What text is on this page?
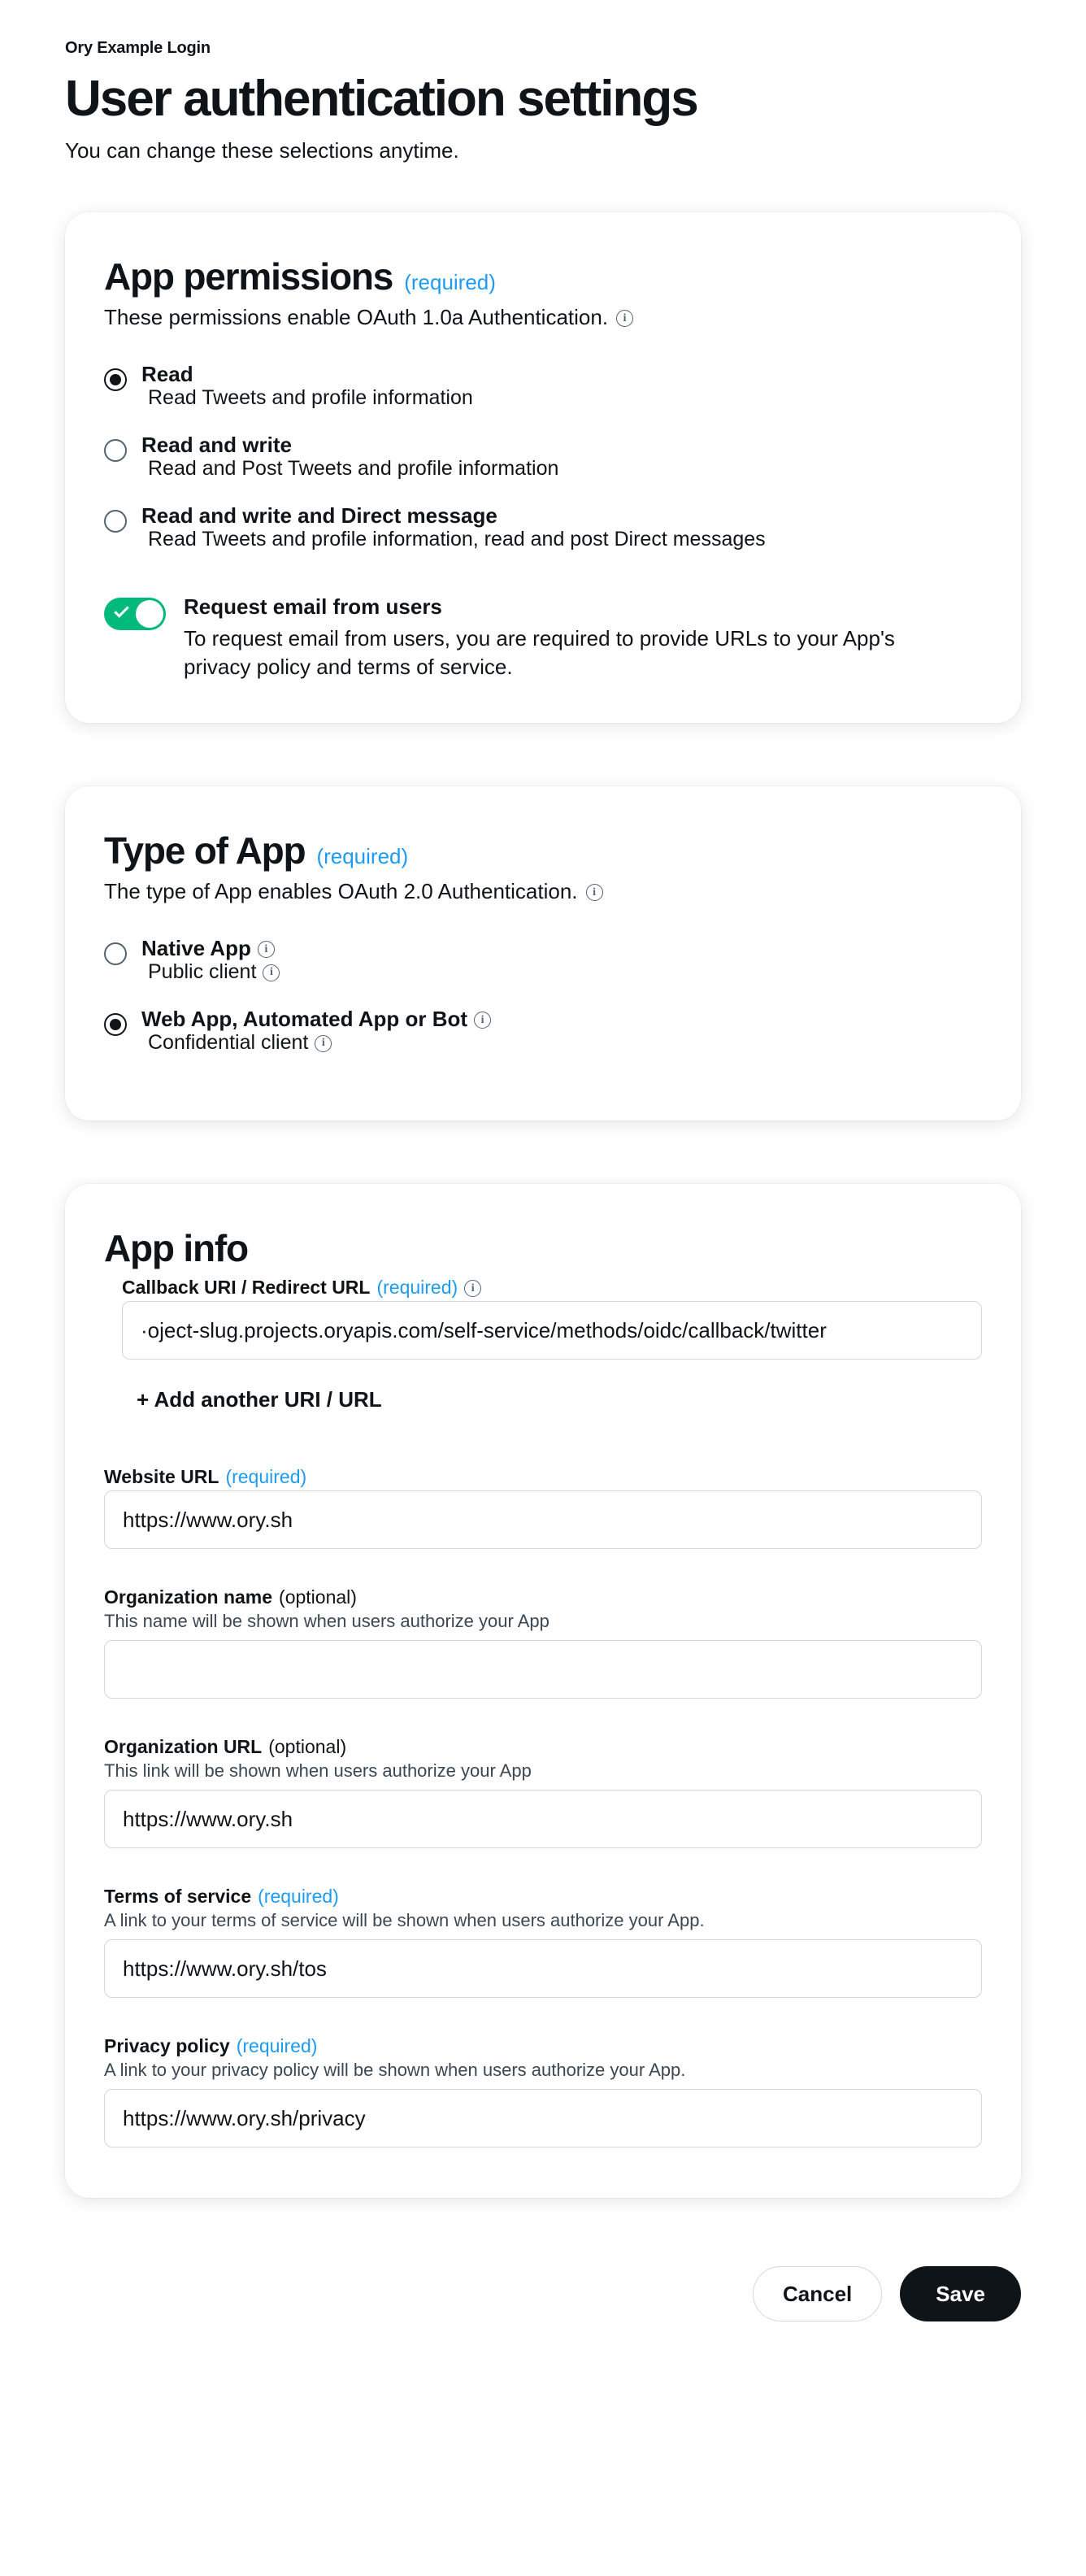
Ory Example Login
User authentication settings

You can change these selections anytime.

App permissions (required)
These permissions enable OAuth 1.0a Authentication.
i
Read
Read Tweets and profile information
Read and write
Read and Post Tweets and profile information
Read and write and Direct message
Read Tweets and profile information, read and post Direct messages
Request email from users
To request email from users, you are required to provide URLs to your App's privacy policy and terms of service.
Type of App (required)
The type of App enables OAuth 2.0 Authentication.
i
Native App
i
Public client
i
Web App, Automated App or Bot
i
Confidential client
i
App info
Callback URI / Redirect URL (required)
i
·oject-slug.projects.oryapis.com/self-service/methods/oidc/callback/twitter + Add another URI / URL
Website URL (required)
https://www.ory.sh
Organization name (optional)
This name will be shown when users authorize your App
Organization URL (optional)
This link will be shown when users authorize your App
https://www.ory.sh
Terms of service (required)
A link to your terms of service will be shown when users authorize your App.
https://www.ory.sh/tos
Privacy policy (required)
A link to your privacy policy will be shown when users authorize your App.
https://www.ory.sh/privacy
Cancel	Save
